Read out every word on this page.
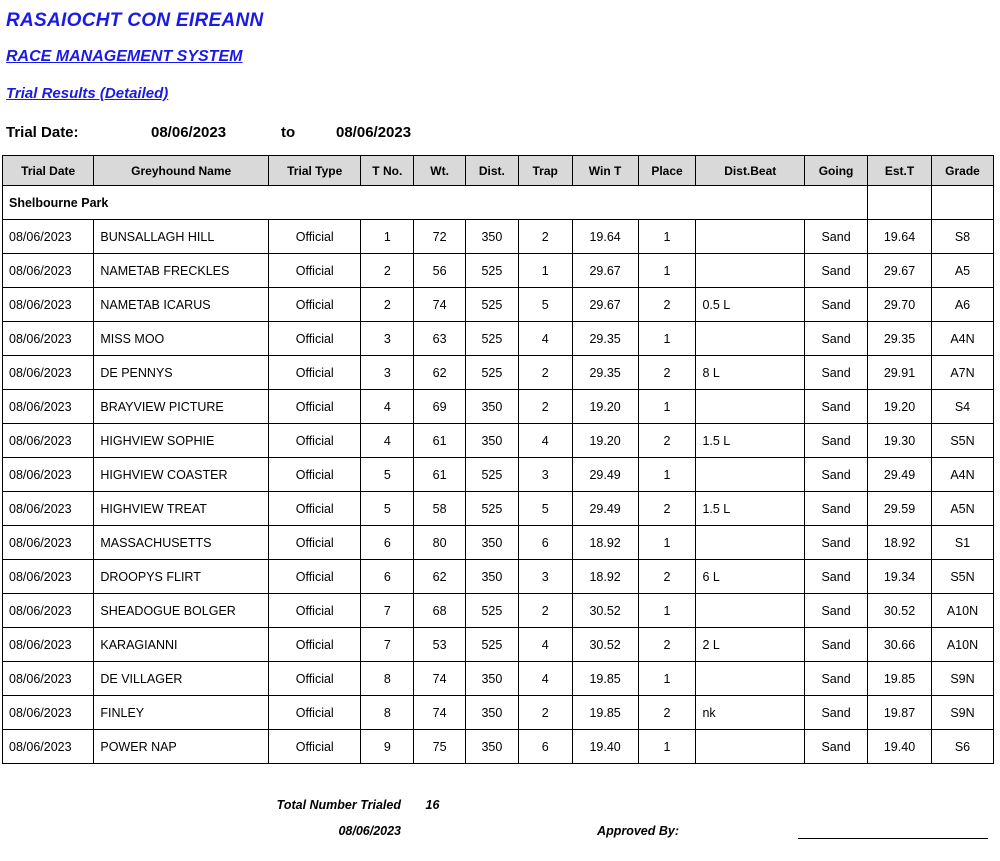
RASAIOCHT CON EIREANN
RACE MANAGEMENT SYSTEM
Trial Results (Detailed)
Trial Date:	08/06/2023	to	08/06/2023
Trial Date	Greyhound Name	Trial Type	T No.	Wt.	Dist.	Trap	Win T	Place	Dist.Beat	Going	Est.T	Grade
Shelbourne Park												
08/06/2023	BUNSALLAGH HILL	Official	1	72	350	2	19.64	1		Sand	19.64	S8
08/06/2023	NAMETAB FRECKLES	Official	2	56	525	1	29.67	1		Sand	29.67	A5
08/06/2023	NAMETAB ICARUS	Official	2	74	525	5	29.67	2	0.5 L	Sand	29.70	A6
08/06/2023	MISS MOO	Official	3	63	525	4	29.35	1		Sand	29.35	A4N
08/06/2023	DE PENNYS	Official	3	62	525	2	29.35	2	8 L	Sand	29.91	A7N
08/06/2023	BRAYVIEW PICTURE	Official	4	69	350	2	19.20	1		Sand	19.20	S4
08/06/2023	HIGHVIEW SOPHIE	Official	4	61	350	4	19.20	2	1.5 L	Sand	19.30	S5N
08/06/2023	HIGHVIEW COASTER	Official	5	61	525	3	29.49	1		Sand	29.49	A4N
08/06/2023	HIGHVIEW TREAT	Official	5	58	525	5	29.49	2	1.5 L	Sand	29.59	A5N
08/06/2023	MASSACHUSETTS	Official	6	80	350	6	18.92	1		Sand	18.92	S1
08/06/2023	DROOPYS FLIRT	Official	6	62	350	3	18.92	2	6 L	Sand	19.34	S5N
08/06/2023	SHEADOGUE BOLGER	Official	7	68	525	2	30.52	1		Sand	30.52	A10N
08/06/2023	KARAGIANNI	Official	7	53	525	4	30.52	2	2 L	Sand	30.66	A10N
08/06/2023	DE VILLAGER	Official	8	74	350	4	19.85	1		Sand	19.85	S9N
08/06/2023	FINLEY	Official	8	74	350	2	19.85	2	nk	Sand	19.87	S9N
08/06/2023	POWER NAP	Official	9	75	350	6	19.40	1		Sand	19.40	S6
		Total Number Trialed	16								
		08/06/2023				Approved By:					
